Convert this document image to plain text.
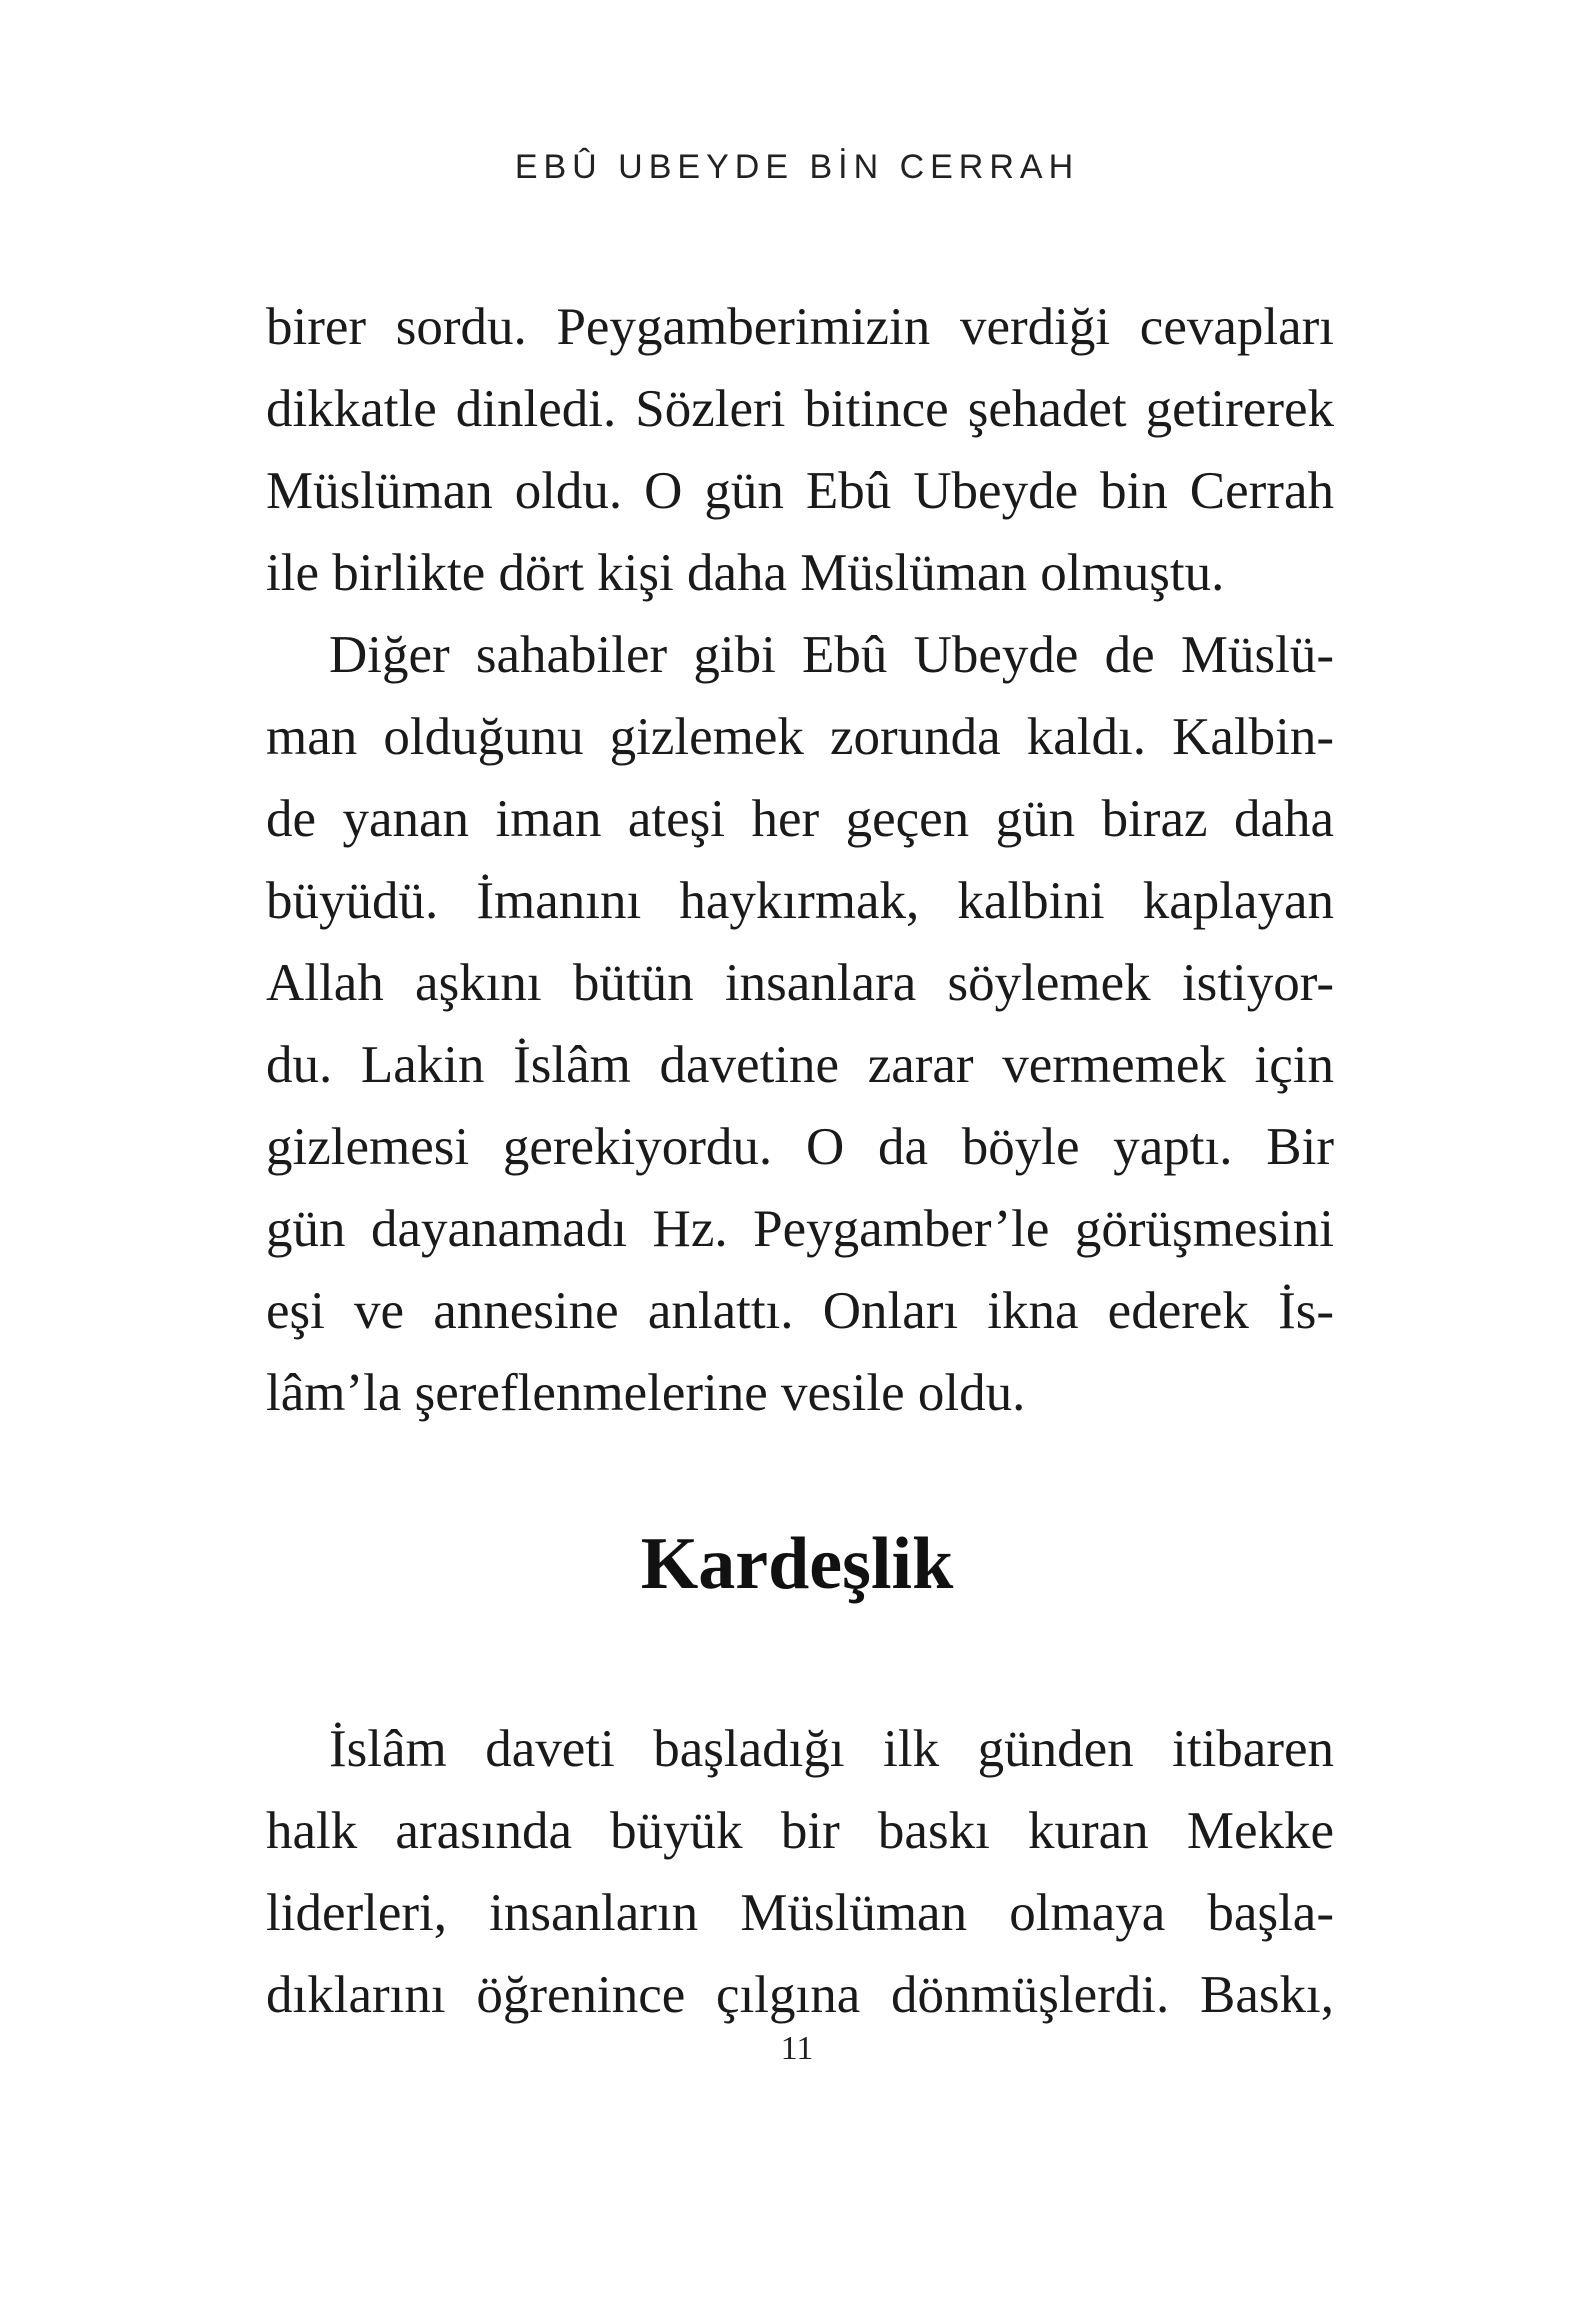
EBÛ UBEYDE BİN CERRAH
birer sordu. Peygamberimizin verdiği cevapları
dikkatle dinledi. Sözleri bitince şehadet getirerek
Müslüman oldu. O gün Ebû Ubeyde bin Cerrah
ile birlikte dört kişi daha Müslüman olmuştu.
Diğer sahabiler gibi Ebû Ubeyde de Müslü-
man olduğunu gizlemek zorunda kaldı. Kalbin-
de yanan iman ateşi her geçen gün biraz daha
büyüdü. İmanını haykırmak, kalbini kaplayan
Allah aşkını bütün insanlara söylemek istiyor-
du. Lakin İslâm davetine zarar vermemek için
gizlemesi gerekiyordu. O da böyle yaptı. Bir
gün dayanamadı Hz. Peygamber’le görüşmesini
eşi ve annesine anlattı. Onları ikna ederek İs-
lâm’la şereflenmelerine vesile oldu.
Kardeşlik
İslâm daveti başladığı ilk günden itibaren
halk arasında büyük bir baskı kuran Mekke
liderleri, insanların Müslüman olmaya başla-
dıklarını öğrenince çılgına dönmüşlerdi. Baskı,
11
